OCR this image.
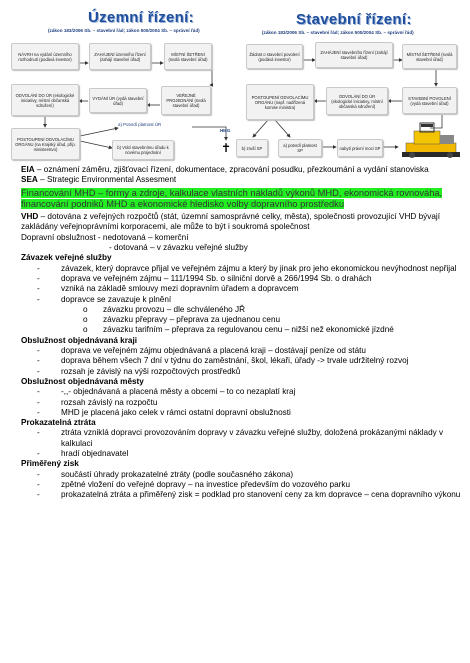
Územní řízení:
(zákon 183/2006 Sb. – stavební řád; zákon 500/2004 Sb. – správní řád)
Stavební řízení:
(zákon 183/2006 Sb. – stavební řád; zákon 500/2004 Sb. – správní řád)
NÁVRH na vydání územního rozhodnutí (podává investor)
ZAHÁJENÍ územního řízení (zahájí stavební úřad)
MÍSTNÍ ŠETŘENÍ (svolá stavební úřad)
ODVOLÁNÍ DO ÚR (ekologické iniciativy, místní občanská sdružení)
VYDÁNÍ ÚR (vydá stavební úřad)
VEŘEJNÉ PROJEDNÁNÍ (svolá stavební úřad)
POSTOUPENÍ ODVOLACÍMU ORGÁNU (na Krajský úřad, příp. ministerstvo)
a) Potvrdí platnost ÚR
b) Vrátí stavebnímu úřadu k novému projednání
HMG
✝
Žádost o stavební povolení (podává investor)
ZAHÁJENÍ stavebního řízení (zahájí stavební úřad)
MÍSTNÍ ŠETŘENÍ (svolá stavební úřad)
POSTOUPENÍ ODVOLACÍMU ORGÁNU (např. nadřízená komise ministra)
ODVOLÁNÍ DO ÚR (ekologické iniciativy, místní občanská sdružení)
STAVEBNÍ POVOLENÍ (vydá stavební úřad)
b) zruší SP	a) potvrdí platnost SP	nabytí právní moci SP

EIA – oznámení záměru, zjišťovací řízení, dokumentace, zpracování posudku, přezkoumání a vydání stanoviska

SEA – Strategic Environmental Assesment

Financování MHD – formy a zdroje, kalkulace vlastních nákladů výkonů MHD, ekonomická rovnováha, financování podniků MHD a ekonomické hledisko volby dopravního prostředku

VHD – dotována z veřejných rozpočtů (stát, územní samosprávné celky, města), společnosti provozující VHD bývají zakládány veřejnoprávními korporacemi, ale může to být i soukromá společnost

Dopravní obslužnost - nedotovaná – komerční

- dotovaná – v závazku veřejné služby

Závazek veřejné služby

-	závazek, který dopravce přijal ve veřejném zájmu a který by jinak pro jeho ekonomickou nevýhodnost nepřijal

-	doprava ve veřejném zájmu – 111/1994 Sb. o silniční dorvě a 266/1994 Sb. o drahách

-	vzniká na základě smlouvy mezi dopravním úřadem a dopravcem

-	dopravce se zavazuje k plnění

o závazku provozu – dle schváleného JŘ

o závazku přepravy – přeprava za ujednanou cenu

o závazku tarifním – přeprava za regulovanou cenu – nižší než ekonomické jízdné

Obslužnost objednávaná kraji

-	doprava ve veřejném zájmu objednávaná a placená kraji – dostávají peníze od státu

-	doprava během všech 7 dní v týdnu do zaměstnání, škol, lékaři, úřady -> trvale udržitelný rozvoj

-	rozsah je závislý na výši rozpočtových prostředků

Obslužnost objednávaná městy

-	-,,- objednávaná a placená městy a obcemi – to co nezaplatí kraj

-	rozsah závislý na rozpočtu

-	MHD je placená jako celek v rámci ostatní dopravní obslužnosti

Prokazatelná ztráta

-	ztráta vzniklá dopravci provozováním dopravy v závazku veřejné služby, doložená prokázanými náklady v kalkulaci

-	hradí objednavatel

Přiměřený zisk

-	součástí úhrady prokazatelné ztráty (podle současného zákona)

-	zpětné vložení do veřejné dopravy – na investice především do vozového parku

-	prokazatelná ztráta a přiměřený zisk = podklad pro stanovení ceny za km dopravce – cena dopravního výkonu
